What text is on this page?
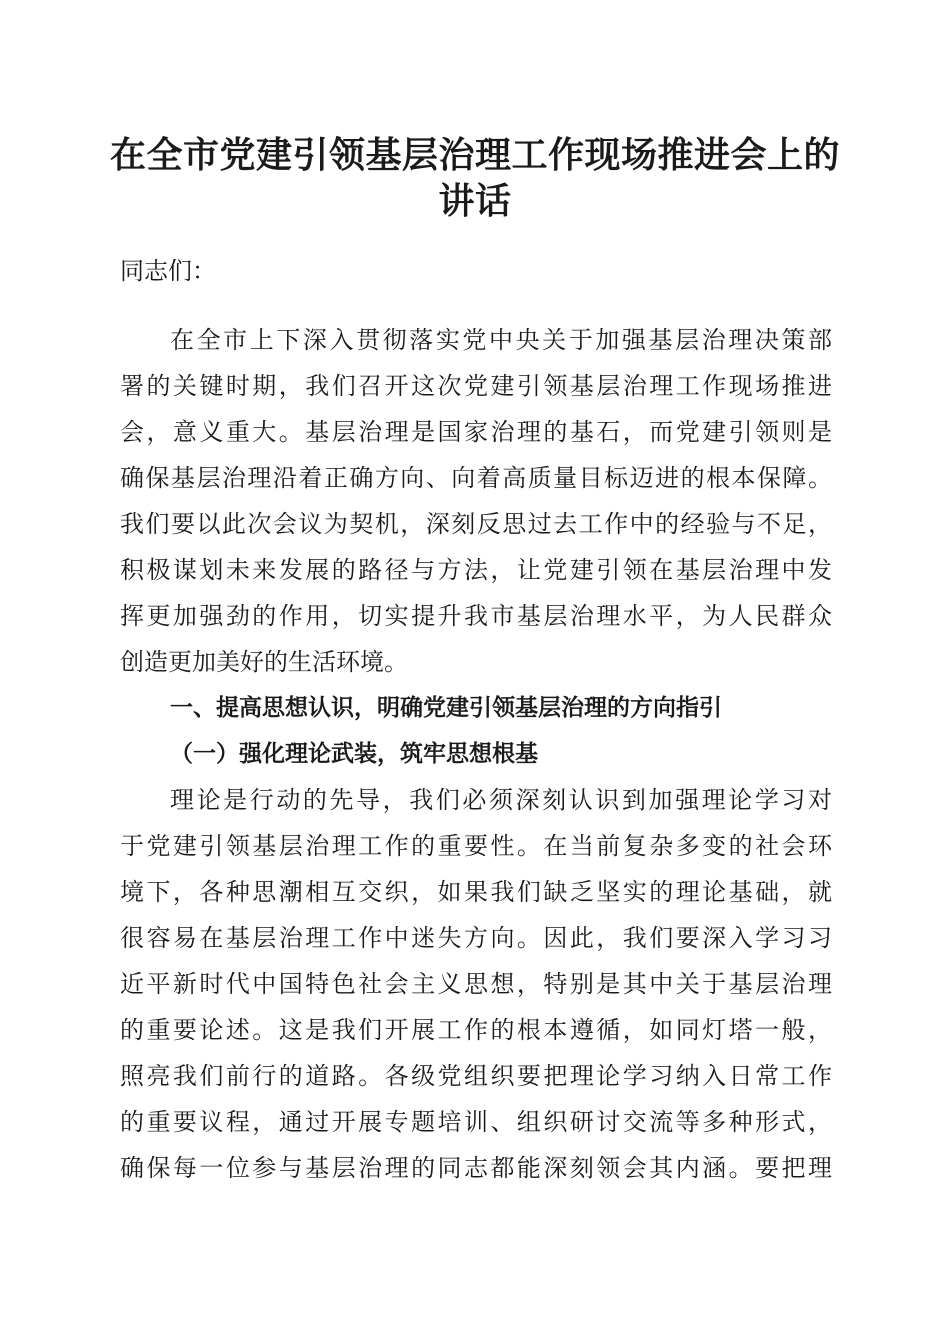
在全市党建引领基层治理工作现场推进会上的
讲话

同志们：

在全市上下深入贯彻落实党中央关于加强基层治理决策部

署的关键时期，我们召开这次党建引领基层治理工作现场推进

会，意义重大。基层治理是国家治理的基石，而党建引领则是

确保基层治理沿着正确方向、向着高质量目标迈进的根本保障。

我们要以此次会议为契机，深刻反思过去工作中的经验与不足，

积极谋划未来发展的路径与方法，让党建引领在基层治理中发

挥更加强劲的作用，切实提升我市基层治理水平，为人民群众

创造更加美好的生活环境。

一、提高思想认识，明确党建引领基层治理的方向指引

（一）强化理论武装，筑牢思想根基

理论是行动的先导，我们必须深刻认识到加强理论学习对

于党建引领基层治理工作的重要性。在当前复杂多变的社会环

境下，各种思潮相互交织，如果我们缺乏坚实的理论基础，就

很容易在基层治理工作中迷失方向。因此，我们要深入学习习

近平新时代中国特色社会主义思想，特别是其中关于基层治理

的重要论述。这是我们开展工作的根本遵循，如同灯塔一般，

照亮我们前行的道路。各级党组织要把理论学习纳入日常工作

的重要议程，通过开展专题培训、组织研讨交流等多种形式，

确保每一位参与基层治理的同志都能深刻领会其内涵。要把理
